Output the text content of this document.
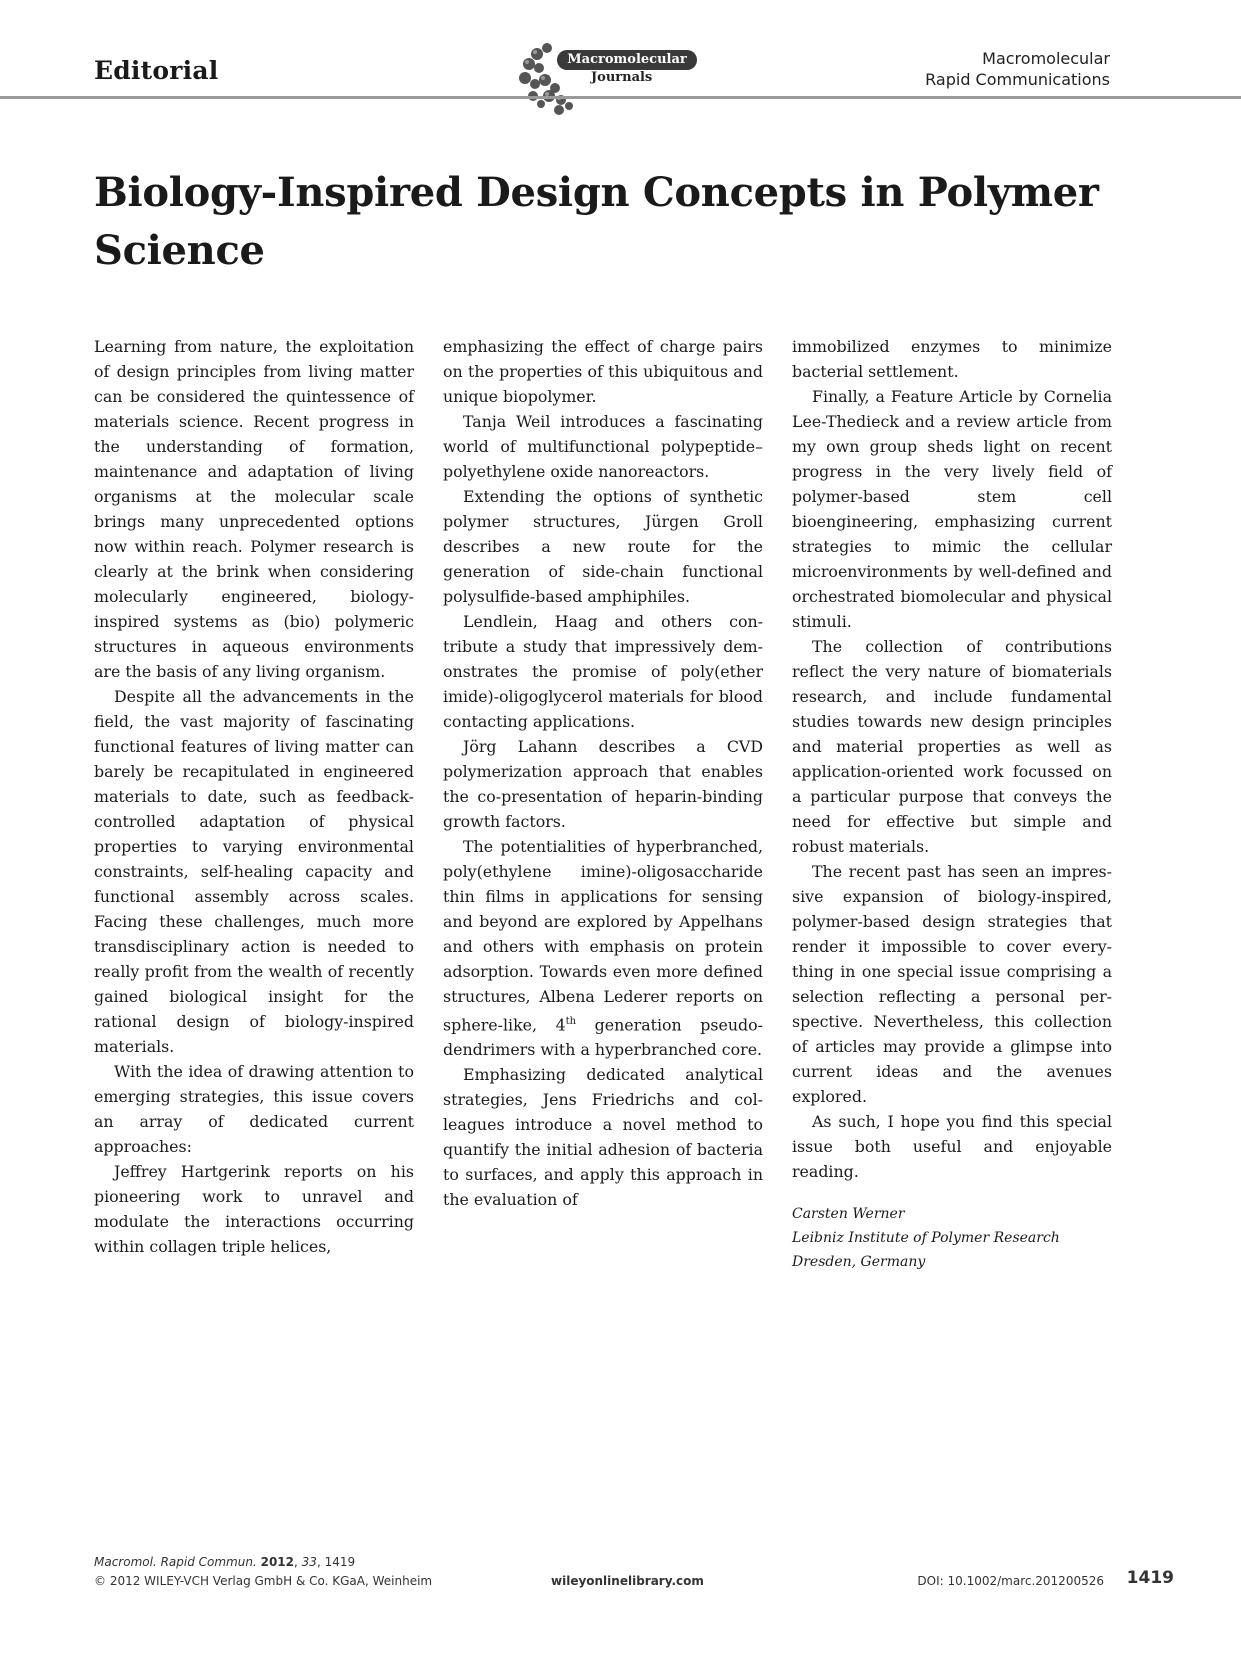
Editorial	Macromolecular
Journals
Macromolecular
Rapid Communications
Biology-Inspired Design Concepts in Polymer Science

Learning from nature, the exploitation of design principles from living matter can be considered the quintessence of materials science. Recent progress in the understanding of formation, maintenance and adaptation of living organisms at the molecular scale brings many unprecedented options now within reach. Polymer research is clearly at the brink when considering molecularly engineered, biology-inspired systems as (bio) polymeric structures in aqueous environments are the basis of any living organism.

Despite all the advancements in the field, the vast majority of fascinating functional features of living matter can barely be recapitulated in engineered materials to date, such as feedback-controlled adaptation of physical properties to varying environmental constraints, self-healing capacity and functional assembly across scales. Facing these challenges, much more transdisciplinary action is needed to really profit from the wealth of recently gained biological insight for the rational design of biology-inspired materials.

With the idea of drawing attention to emerging strategies, this issue covers an array of dedicated current approaches:

Jeffrey Hartgerink reports on his pioneering work to unravel and modulate the interactions occurring within collagen triple helices,

emphasizing the effect of charge pairs on the properties of this ubiquitous and unique biopolymer.

Tanja Weil introduces a fascinating world of multifunctional polypeptide–polyethylene oxide nanoreactors.

Extending the options of synthetic polymer structures, Jürgen Groll describes a new route for the generation of side-chain functional polysulfide-based amphiphiles.

Lendlein, Haag and others contribute a study that impressively demonstrates the promise of poly(ether imide)-oligoglycerol materials for blood contacting applications.

Jörg Lahann describes a CVD polymerization approach that enables the co-presentation of heparin-binding growth factors.

The potentialities of hyperbranched, poly(ethylene imine)-oligosaccharide thin films in applications for sensing and beyond are explored by Appelhans and others with emphasis on protein adsorption. Towards even more defined structures, Albena Lederer reports on sphere-like, 4th generation pseudodendrimers with a hyperbranched core.

Emphasizing dedicated analytical strategies, Jens Friedrichs and colleagues introduce a novel method to quantify the initial adhesion of bacteria to surfaces, and apply this approach in the evaluation of

immobilized enzymes to minimize bacterial settlement.

Finally, a Feature Article by Cornelia Lee-Thedieck and a review article from my own group sheds light on recent progress in the very lively field of polymer-based stem cell bioengineering, emphasizing current strategies to mimic the cellular microenvironments by well-defined and orchestrated biomolecular and physical stimuli.

The collection of contributions reflect the very nature of biomaterials research, and include fundamental studies towards new design principles and material properties as well as application-oriented work focussed on a particular purpose that conveys the need for effective but simple and robust materials.

The recent past has seen an impressive expansion of biology-inspired, polymer-based design strategies that render it impossible to cover everything in one special issue comprising a selection reflecting a personal perspective. Nevertheless, this collection of articles may provide a glimpse into current ideas and the avenues explored.

As such, I hope you find this special issue both useful and enjoyable reading.

Carsten Werner
Leibniz Institute of Polymer Research
Dresden, Germany
Macromol. Rapid Commun. 2012, 33, 1419
© 2012 WILEY-VCH Verlag GmbH & Co. KGaA, Weinheim	wileyonlinelibrary.com	DOI: 10.1002/marc.201200526 1419
